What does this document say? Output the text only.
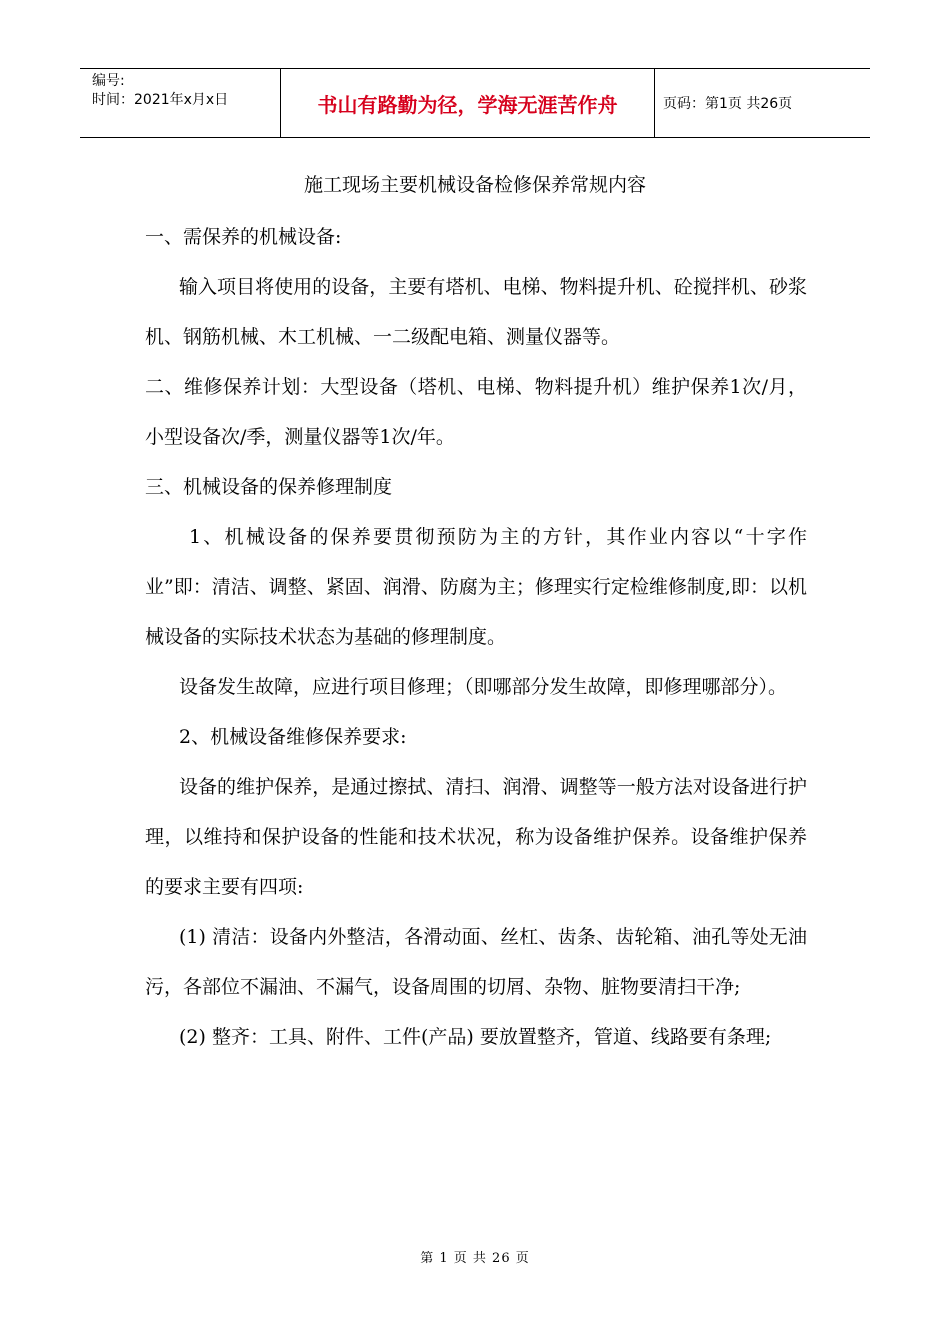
编号:
时间：2021年x月x日	书山有路勤为径，学海无涯苦作舟	页码：第1页 共26页
施工现场主要机械设备检修保养常规内容

一、需保养的机械设备:

输入项目将使用的设备，主要有塔机、电梯、物料提升机、砼搅拌机、砂浆机、钢筋机械、木工机械、一二级配电箱、测量仪器等。

二、维修保养计划：大型设备（塔机、电梯、物料提升机）维护保养1次/月，小型设备次/季，测量仪器等1次/年。

三、机械设备的保养修理制度

1、机械设备的保养要贯彻预防为主的方针，其作业内容以“十字作业”即：清洁、调整、紧固、润滑、防腐为主；修理实行定检维修制度,即：以机械设备的实际技术状态为基础的修理制度。

设备发生故障，应进行项目修理；（即哪部分发生故障，即修理哪部分）。

2、机械设备维修保养要求:

设备的维护保养，是通过擦拭、清扫、润滑、调整等一般方法对设备进行护理，以维持和保护设备的性能和技术状况，称为设备维护保养。设备维护保养的要求主要有四项:

(1) 清洁：设备内外整洁，各滑动面、丝杠、齿条、齿轮箱、油孔等处无油污，各部位不漏油、不漏气，设备周围的切屑、杂物、脏物要清扫干净;

(2) 整齐：工具、附件、工件(产品) 要放置整齐，管道、线路要有条理;

第 1 页 共 26 页
